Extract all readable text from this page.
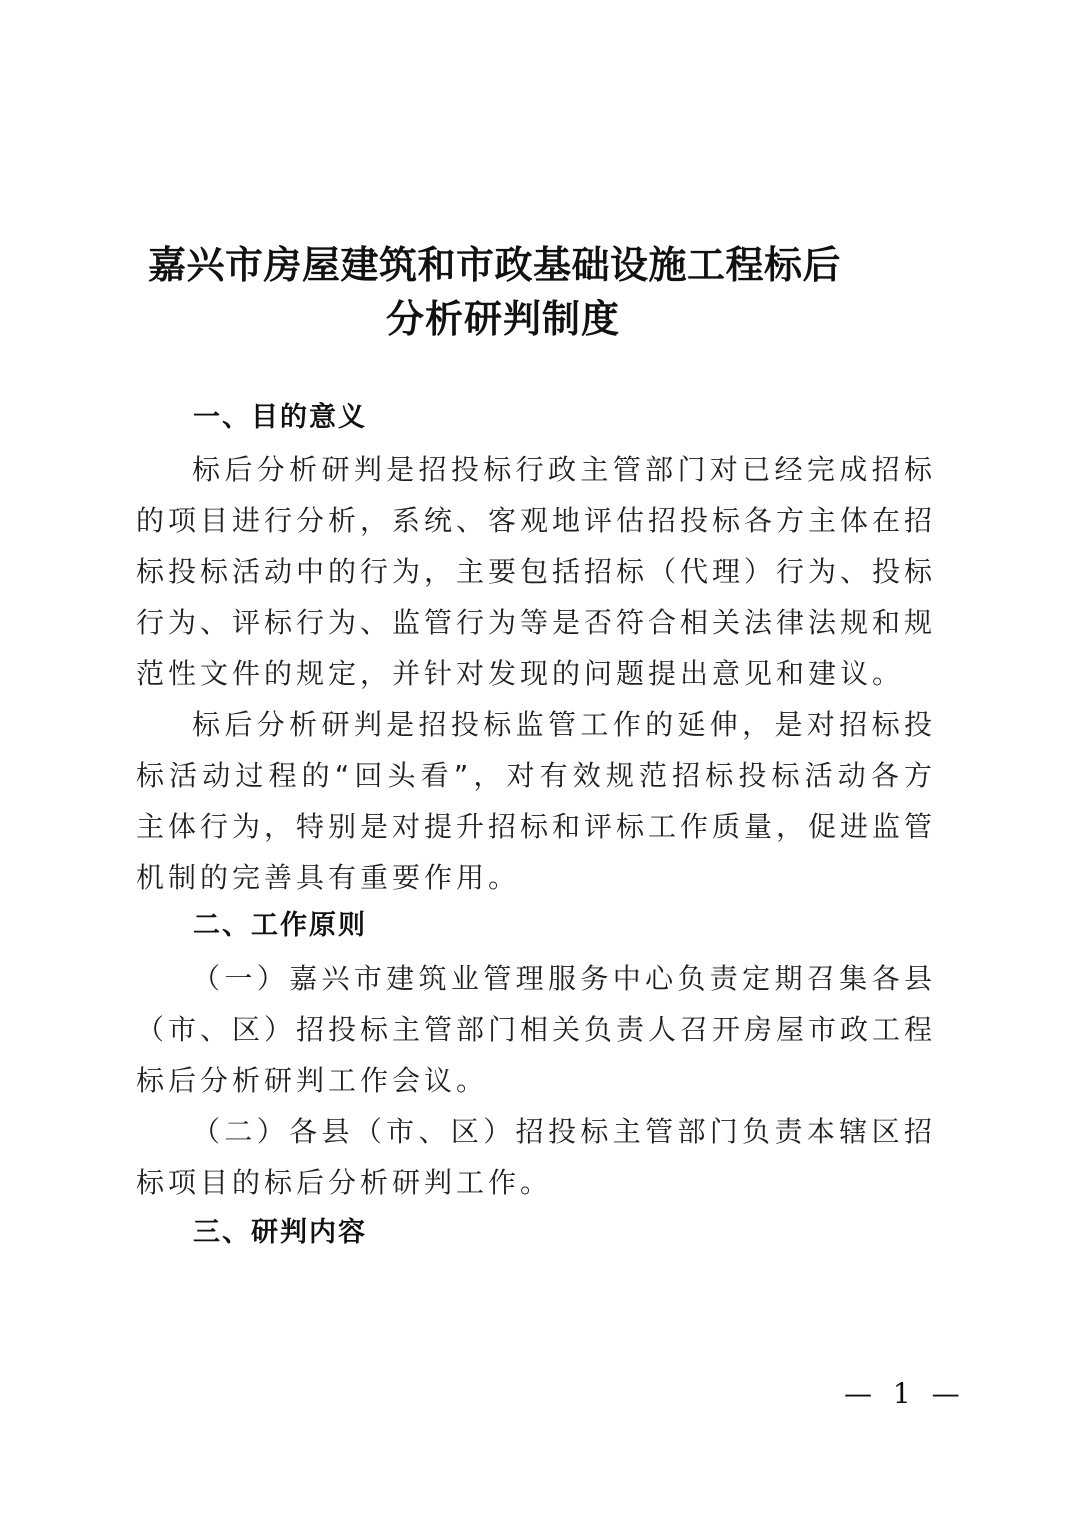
嘉兴市房屋建筑和市政基础设施工程标后
分析研判制度
一、目的意义

标后分析研判是招投标行政主管部门对已经完成招标的项目进行分析，系统、客观地评估招投标各方主体在招标投标活动中的行为，主要包括招标（代理）行为、投标行为、评标行为、监管行为等是否符合相关法律法规和规范性文件的规定，并针对发现的问题提出意见和建议。

标后分析研判是招投标监管工作的延伸，是对招标投标活动过程的“回头看”，对有效规范招标投标活动各方主体行为，特别是对提升招标和评标工作质量，促进监管机制的完善具有重要作用。

二、工作原则

（一）嘉兴市建筑业管理服务中心负责定期召集各县（市、区）招投标主管部门相关负责人召开房屋市政工程标后分析研判工作会议。

（二）各县（市、区）招投标主管部门负责本辖区招标项目的标后分析研判工作。

三、研判内容
— 1 —
